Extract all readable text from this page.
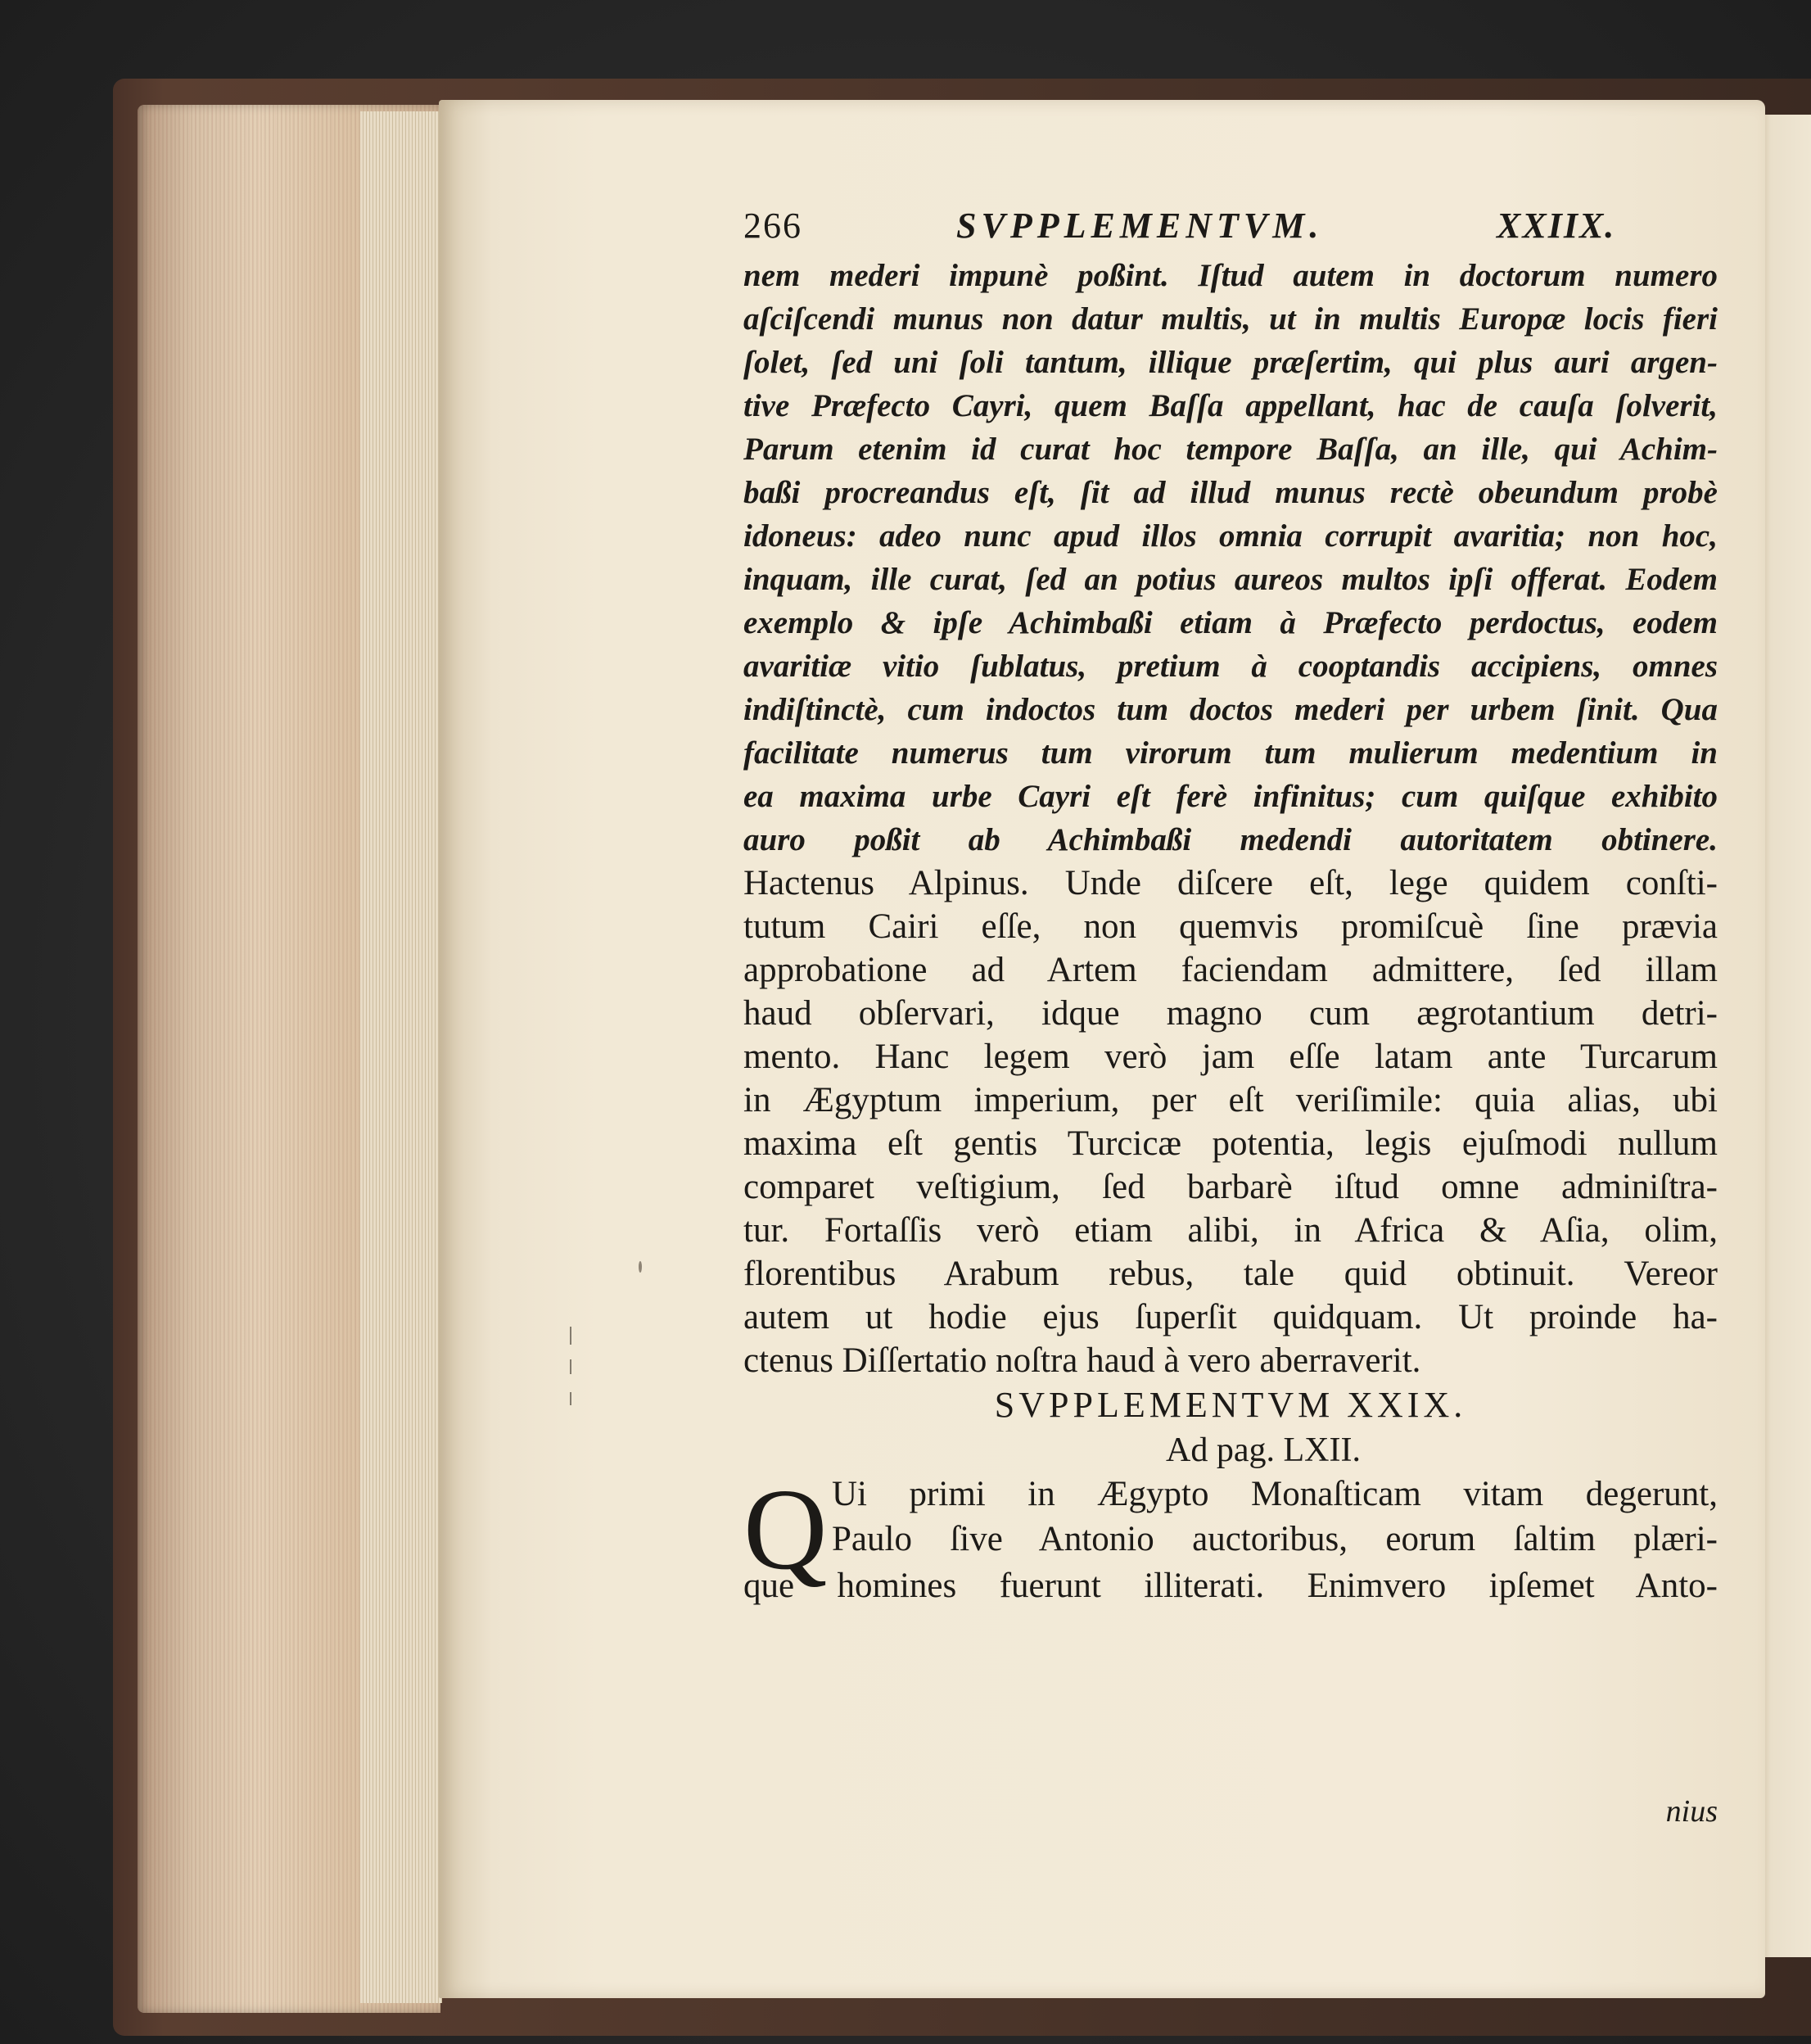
266	SVPPLEMENTVM.	XXIIX.
nem mederi impunè poßint. Iſtud autem in doctorum numero
aſciſcendi munus non datur multis, ut in multis Europæ locis fieri
ſolet, ſed uni ſoli tantum, illique præſertim, qui plus auri argen-
tive Præfecto Cayri, quem Baſſa appellant, hac de cauſa ſolverit,
Parum etenim id curat hoc tempore Baſſa, an ille, qui Achim-
baßi procreandus eſt, ſit ad illud munus rectè obeundum probè
idoneus: adeo nunc apud illos omnia corrupit avaritia; non hoc,
inquam, ille curat, ſed an potius aureos multos ipſi offerat. Eodem
exemplo & ipſe Achimbaßi etiam à Præfecto perdoctus, eodem
avaritiæ vitio ſublatus, pretium à cooptandis accipiens, omnes
indiſtinctè, cum indoctos tum doctos mederi per urbem ſinit. Qua
facilitate numerus tum virorum tum mulierum medentium in
ea maxima urbe Cayri eſt ferè infinitus; cum quiſque exhibito
auro poßit ab Achimbaßi medendi autoritatem obtinere.
Hactenus Alpinus. Unde diſcere eſt, lege quidem conſti-
tutum Cairi eſſe, non quemvis promiſcuè ſine prævia
approbatione ad Artem faciendam admittere, ſed illam
haud obſervari, idque magno cum ægrotantium detri-
mento. Hanc legem verò jam eſſe latam ante Turcarum
in Ægyptum imperium, per eſt veriſimile: quia alias, ubi
maxima eſt gentis Turcicæ potentia, legis ejuſmodi nullum
comparet veſtigium, ſed barbarè iſtud omne adminiſtra-
tur. Fortaſſis verò etiam alibi, in Africa & Aſia, olim,
florentibus Arabum rebus, tale quid obtinuit. Vereor
autem ut hodie ejus ſuperſit quidquam. Ut proinde ha-
ctenus Diſſertatio noſtra haud à vero aberraverit.
SVPPLEMENTVM XXIX.
Ad pag. LXII.
Q Ui primi in Ægypto Monaſticam vitam degerunt,
Paulo ſive Antonio auctoribus, eorum ſaltim plæri-
que homines fuerunt illiterati. Enimvero ipſemet Anto-
nius
